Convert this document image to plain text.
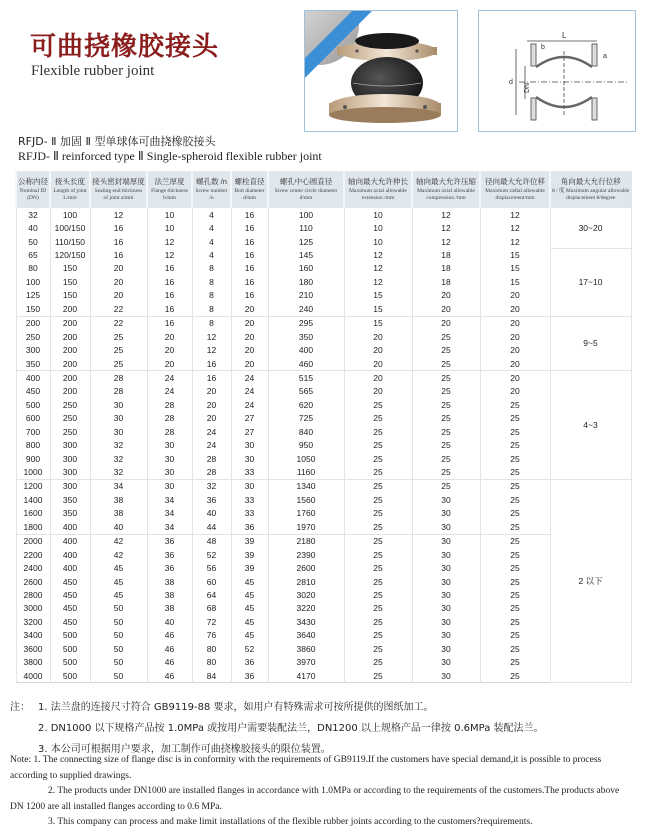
可曲挠橡胶接头
Flexible rubber joint
L
b
a
d
DN
RFJD- Ⅱ 加固 Ⅱ 型单球体可曲挠橡胶接头
RFJD- Ⅱ reinforced type Ⅱ Single-spheroid flexible rubber joint
公称内径
Nominal ID (DN)	接头长度
Length of joint L/mm	接头密封端厚度
Sealing end thickness of joint a/mm	法兰厚度
Flange thickness b/mm	螺孔数 /n
Screw number /n	螺栓直径
Bolt diameter d/mm	螺孔中心圆直径
Screw center circle diameter d/mm	轴向最大允许伸长
Maximum axial allowable extension /mm	轴向最大允许压缩
Maximum axial allowable compression /mm	径向最大允许位移
Maximum radial allowable displacement/mm	角向最大允行位移
θ / 度 Maximum angular allowable displacement θ/degree

32	100	12	10	4	16	100	10	12	12	30~20
40	100/150	16	10	4	16	110	10	12	12	
50	110/150	16	12	4	16	125	10	12	12	
65	120/150	16	12	4	16	145	12	18	15	17~10
80	150	20	16	8	16	160	12	18	15	
100	150	20	16	8	16	180	12	18	15	
125	150	20	16	8	16	210	15	20	20	
150	200	22	16	8	20	240	15	20	20	
200	200	22	16	8	20	295	15	20	20	9~5
250	200	25	20	12	20	350	20	25	20	
300	200	25	20	12	20	400	20	25	20	
350	200	25	20	16	20	460	20	25	20	
400	200	28	24	16	24	515	20	25	20	4~3
450	200	28	24	20	24	565	20	25	20	
500	250	30	28	20	24	620	25	25	25	
600	250	30	28	20	27	725	25	25	25	
700	250	30	28	24	27	840	25	25	25	
800	300	32	30	24	30	950	25	25	25	
900	300	32	30	28	30	1050	25	25	25	
1000	300	32	30	28	33	1160	25	25	25	
1200	300	34	30	32	30	1340	25	25	25	2 以下
1400	350	38	34	36	33	1560	25	30	25	
1600	350	38	34	40	33	1760	25	30	25	
1800	400	40	34	44	36	1970	25	30	25	
2000	400	42	36	48	39	2180	25	30	25	
2200	400	42	36	52	39	2390	25	30	25	
2400	400	45	36	56	39	2600	25	30	25	
2600	450	45	38	60	45	2810	25	30	25	
2800	450	45	38	64	45	3020	25	30	25	
3000	450	50	38	68	45	3220	25	30	25	
3200	450	50	40	72	45	3430	25	30	25	
3400	500	50	46	76	45	3640	25	30	25	
3600	500	50	46	80	52	3860	25	30	25	
3800	500	50	46	80	36	3970	25	30	25	
4000	500	50	46	84	36	4170	25	30	25	
注： 1. 法兰盘的连接尺寸符合 GB9119-88 要求，如用户有特殊需求可按所提供的图纸加工。
2. DN1000 以下规格产品按 1.0MPa 或按用户需要装配法兰，DN1200 以上规格产品一律按 0.6MPa 装配法兰。
3. 本公司可根据用户要求，加工制作可曲挠橡胶接头的限位装置。
Note: 1. The connecting size of flange disc is in conformity with the requirements of GB9119.If the customers have special demand,it is possible to process according to supplied drawings.
2. The products under DN1000 are installed flanges in accordance with 1.0MPa or according to the requirements of the customers.The products above DN 1200 are all installed flanges according to 0.6 MPa.
3. This company can process and make limit installations of the flexible rubber joints according to the customers?requirements.
